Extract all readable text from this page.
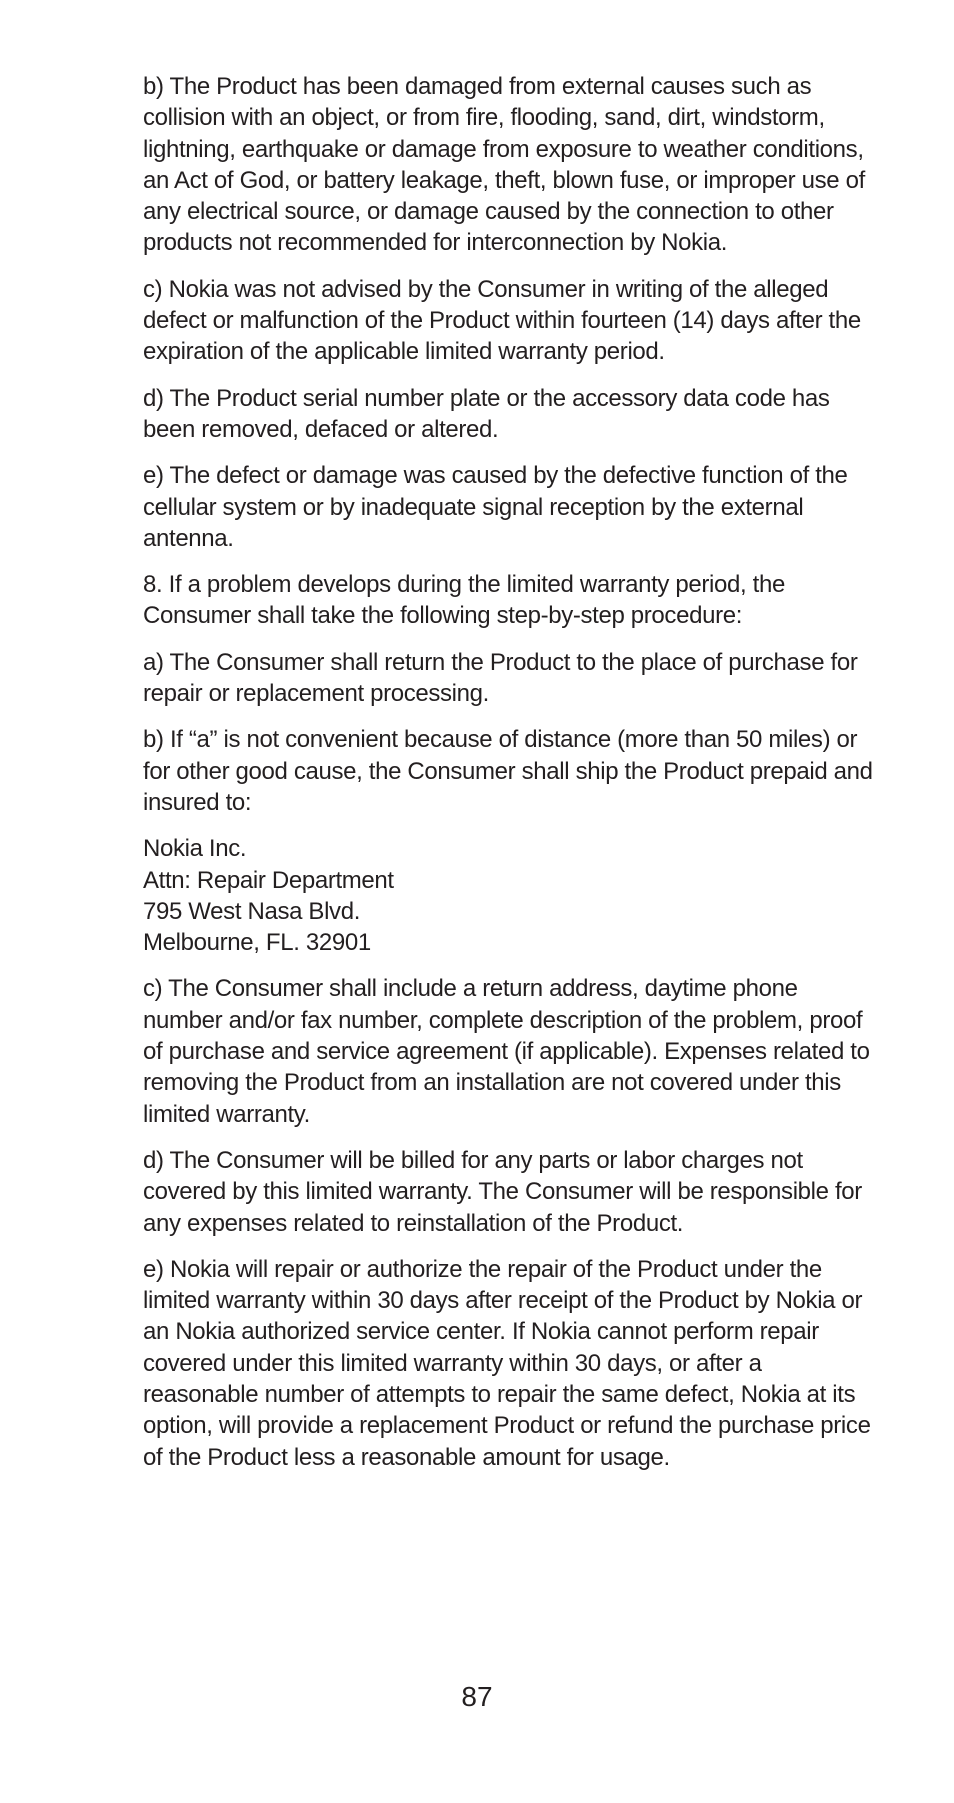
b) The Product has been damaged from external causes such as collision with an object, or from fire, flooding, sand, dirt, windstorm, lightning, earthquake or damage from exposure to weather conditions, an Act of God, or battery leakage, theft, blown fuse, or improper use of any electrical source, or damage caused by the connection to other products not recommended for interconnection by Nokia.

c) Nokia was not advised by the Consumer in writing of the alleged defect or malfunction of the Product within fourteen (14) days after the expiration of the applicable limited warranty period.

d) The Product serial number plate or the accessory data code has been removed, defaced or altered.

e) The defect or damage was caused by the defective function of the cellular system or by inadequate signal reception by the external antenna.

8. If a problem develops during the limited warranty period, the Consumer shall take the following step-by-step procedure:

a) The Consumer shall return the Product to the place of purchase for repair or replacement processing.

b) If “a” is not convenient because of distance (more than 50 miles) or for other good cause, the Consumer shall ship the Product prepaid and insured to:

Nokia Inc.
Attn: Repair Department
795 West Nasa Blvd.
Melbourne, FL. 32901

c) The Consumer shall include a return address, daytime phone number and/or fax number, complete description of the problem, proof of purchase and service agreement (if applicable). Expenses related to removing the Product from an installation are not covered under this limited warranty.

d) The Consumer will be billed for any parts or labor charges not covered by this limited warranty. The Consumer will be responsible for any expenses related to reinstallation of the Product.

e) Nokia will repair or authorize the repair of the Product under the limited warranty within 30 days after receipt of the Product by Nokia or an Nokia authorized service center. If Nokia cannot perform repair covered under this limited warranty within 30 days, or after a reasonable number of attempts to repair the same defect, Nokia at its option, will provide a replacement Product or refund the purchase price of the Product less a reasonable amount for usage.

87
